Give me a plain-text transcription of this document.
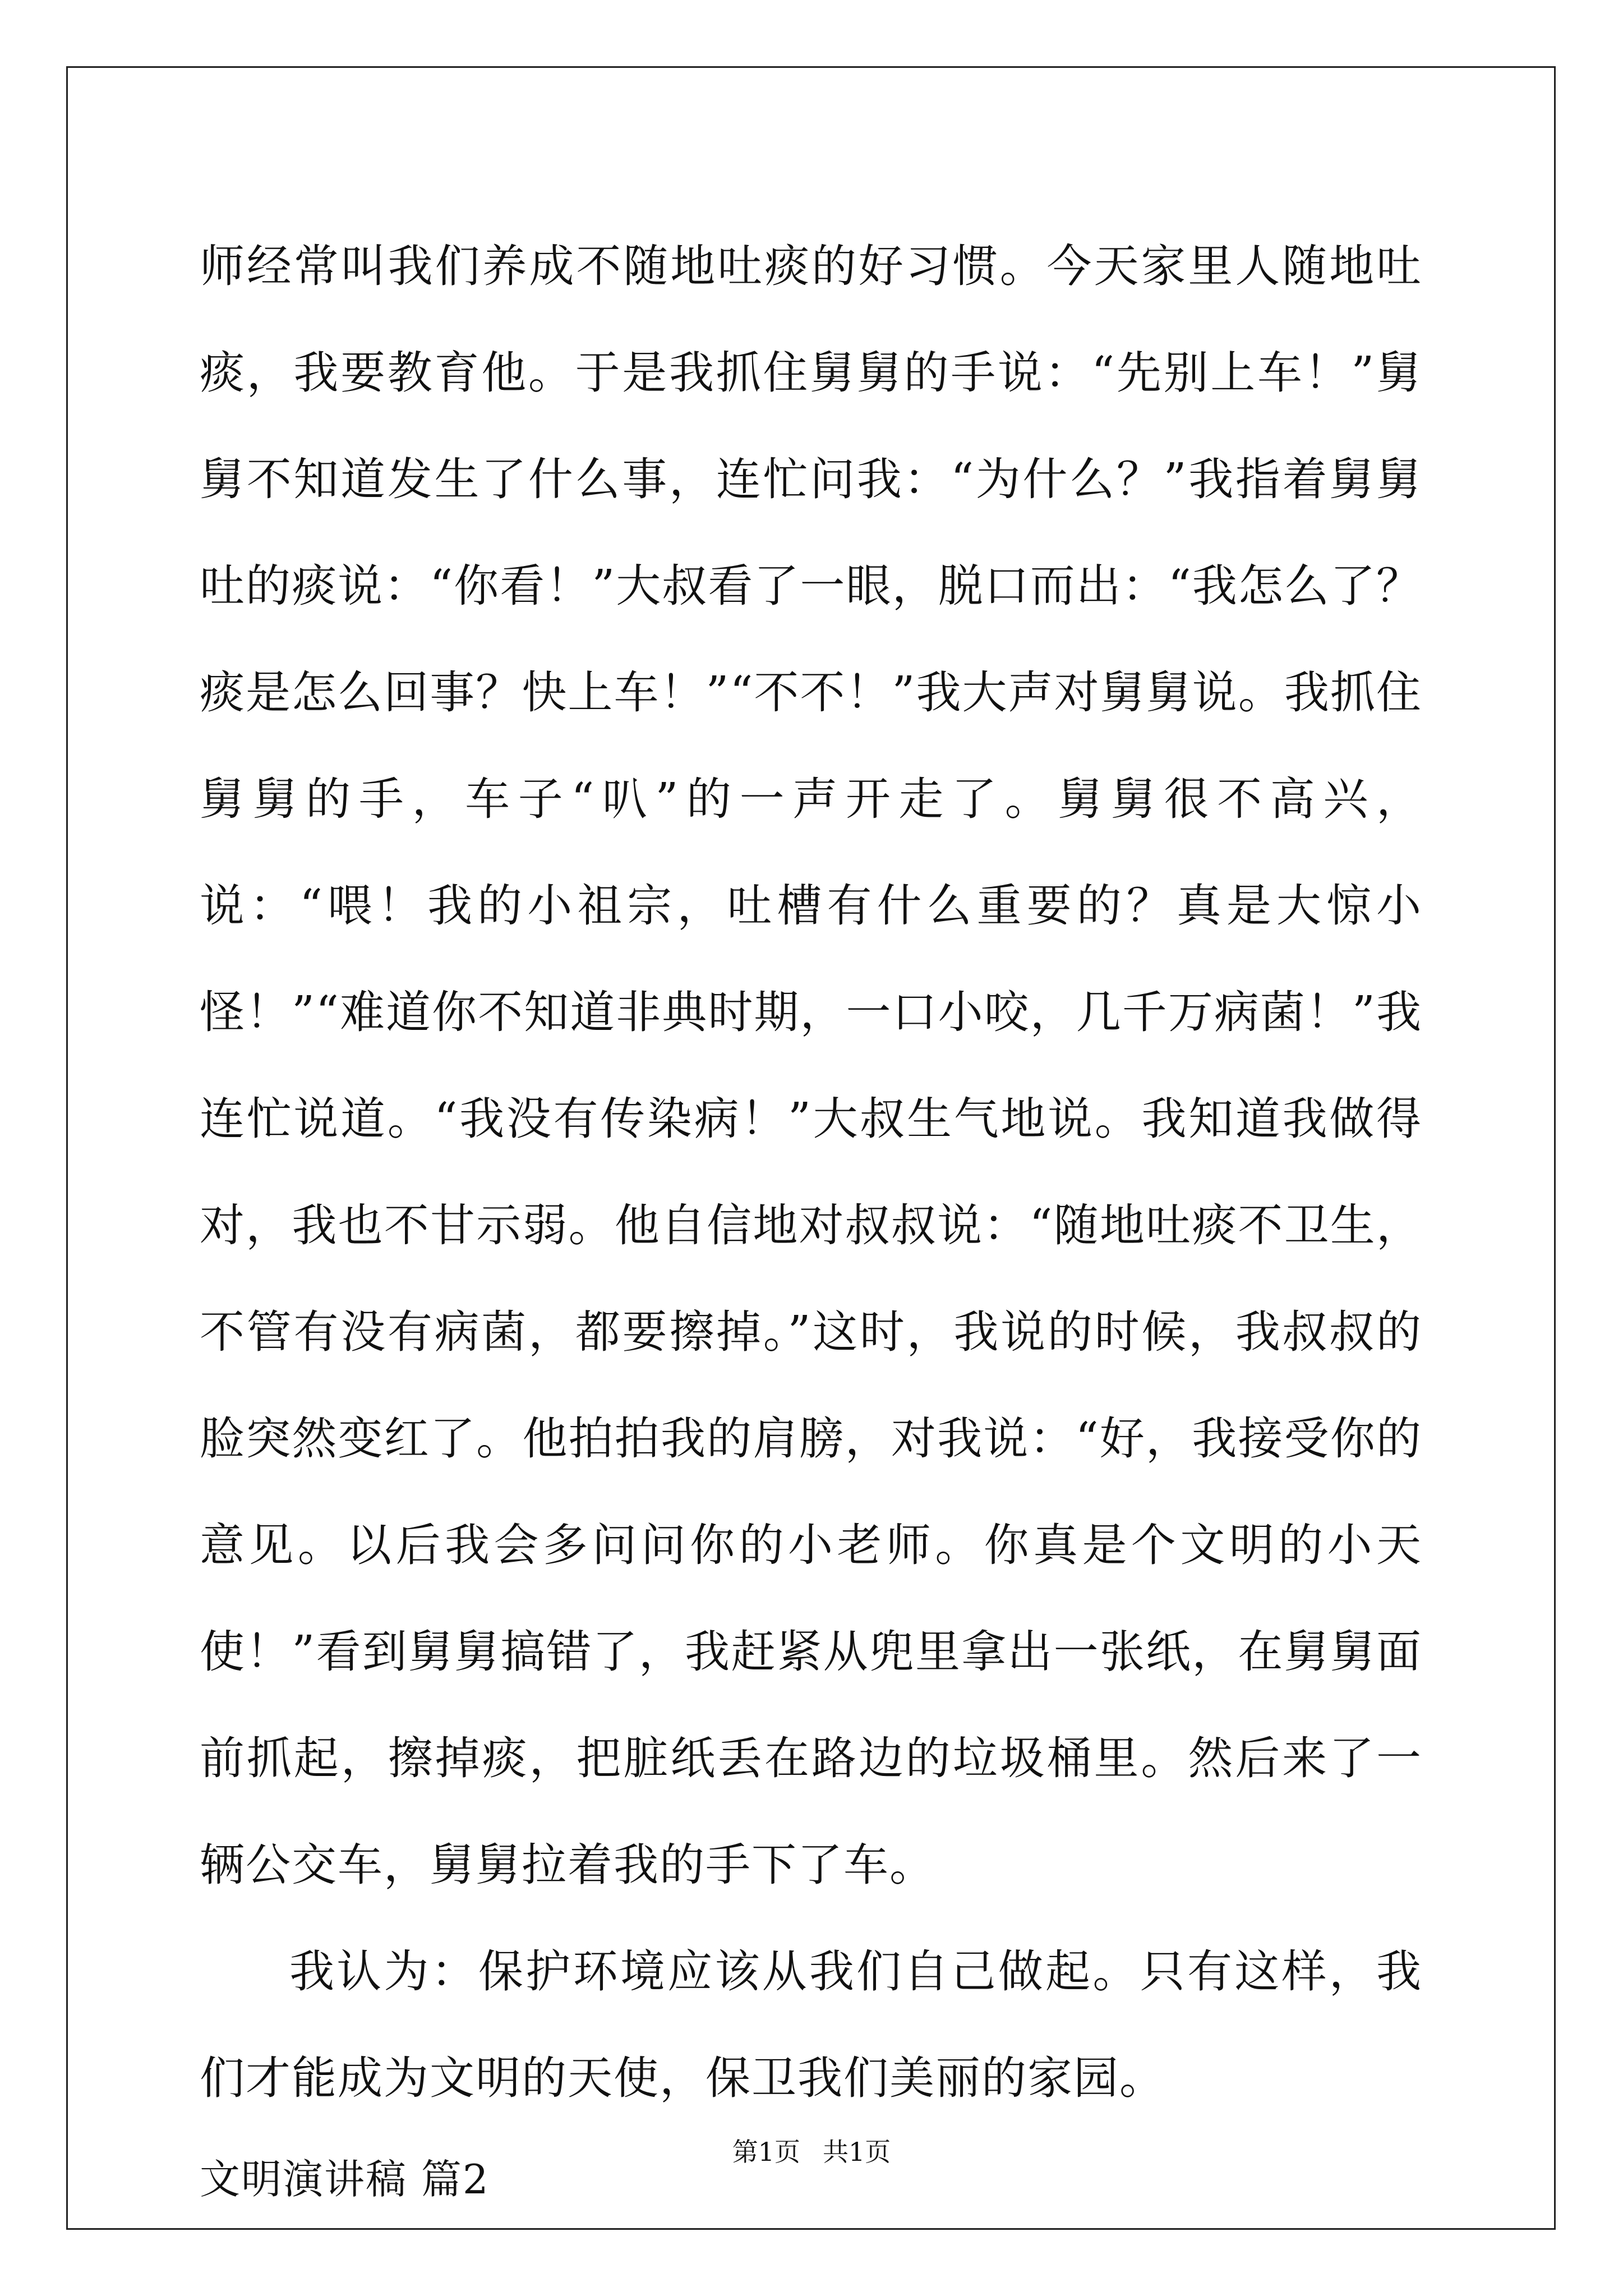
师经常叫我们养成不随地吐痰的好习惯。今天家里人随地吐痰，我要教育他。于是我抓住舅舅的手说：“先别上车！”舅舅不知道发生了什么事，连忙问我：“为什么？”我指着舅舅吐的痰说：“你看！”大叔看了一眼，脱口而出：“我怎么了？痰是怎么回事？快上车！”“不不！”我大声对舅舅说。我抓住舅舅的手，车子“叭”的一声开走了。舅舅很不高兴，说：“喂！我的小祖宗，吐槽有什么重要的？真是大惊小怪！”“难道你不知道非典时期，一口小咬，几千万病菌！”我连忙说道。“我没有传染病！”大叔生气地说。我知道我做得对，我也不甘示弱。他自信地对叔叔说：“随地吐痰不卫生，不管有没有病菌，都要擦掉。”这时，我说的时候，我叔叔的脸突然变红了。他拍拍我的肩膀，对我说：“好，我接受你的意见。以后我会多问问你的小老师。你真是个文明的小天使！”看到舅舅搞错了，我赶紧从兜里拿出一张纸，在舅舅面前抓起，擦掉痰，把脏纸丢在路边的垃圾桶里。然后来了一辆公交车，舅舅拉着我的手下了车。

我认为：保护环境应该从我们自己做起。只有这样，我们才能成为文明的天使，保卫我们美丽的家园。

文明演讲稿 篇2

第1页 共1页
